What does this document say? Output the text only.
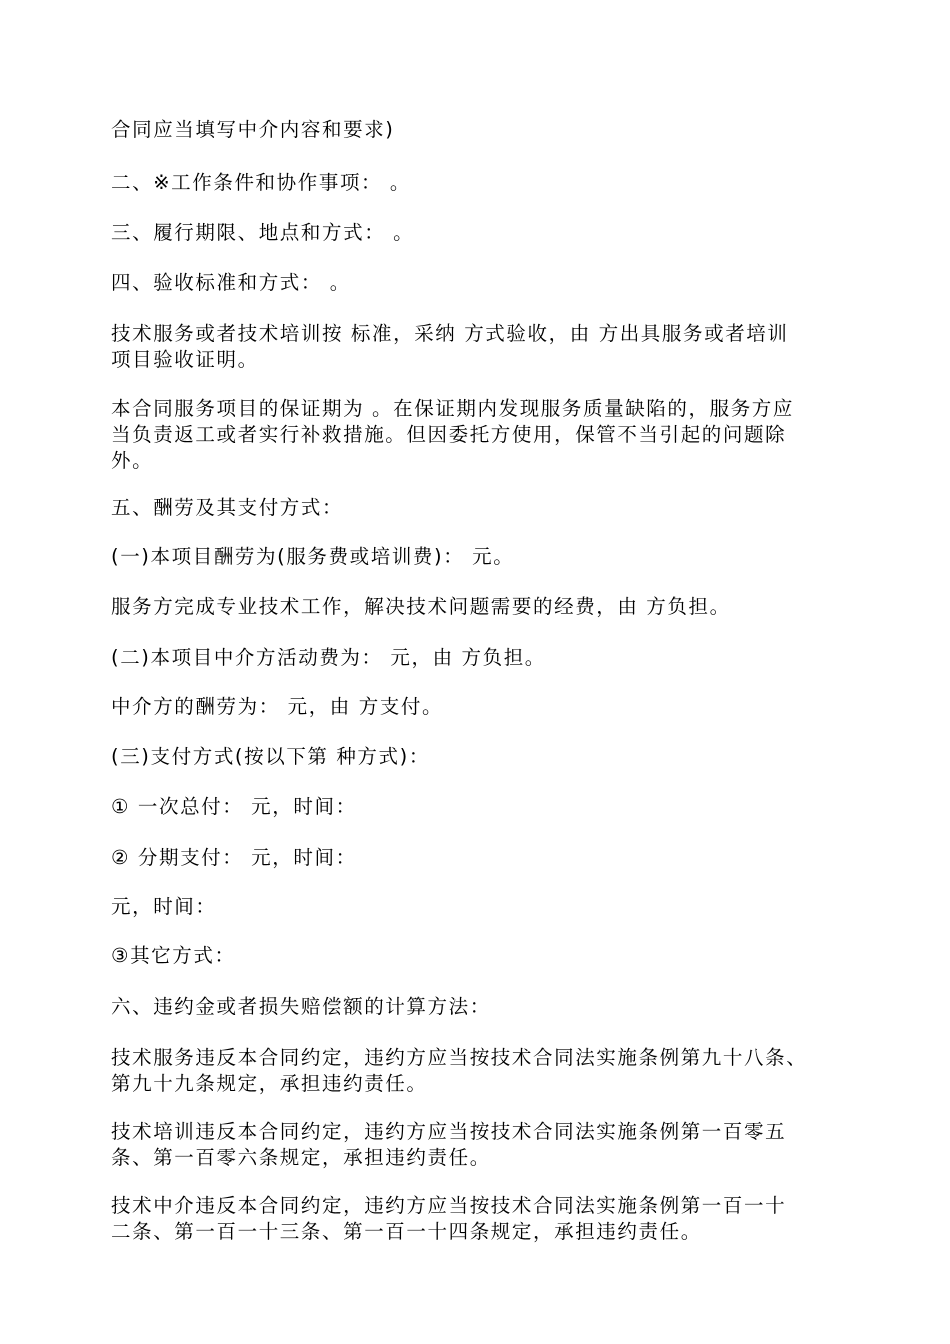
合同应当填写中介内容和要求)

二、※工作条件和协作事项： 。

三、履行期限、地点和方式： 。

四、验收标准和方式： 。

技术服务或者技术培训按 标准，采纳 方式验收，由 方出具服务或者培训
项目验收证明。

本合同服务项目的保证期为 。在保证期内发现服务质量缺陷的，服务方应
当负责返工或者实行补救措施。但因委托方使用，保管不当引起的问题除
外。

五、酬劳及其支付方式：

(一)本项目酬劳为(服务费或培训费)： 元。

服务方完成专业技术工作，解决技术问题需要的经费，由 方负担。

(二)本项目中介方活动费为： 元，由 方负担。

中介方的酬劳为： 元，由 方支付。

(三)支付方式(按以下第 种方式)：

① 一次总付： 元，时间：

② 分期支付： 元，时间：

元，时间：

③其它方式：

六、违约金或者损失赔偿额的计算方法：

技术服务违反本合同约定，违约方应当按技术合同法实施条例第九十八条、
第九十九条规定，承担违约责任。

技术培训违反本合同约定，违约方应当按技术合同法实施条例第一百零五
条、第一百零六条规定，承担违约责任。

技术中介违反本合同约定，违约方应当按技术合同法实施条例第一百一十
二条、第一百一十三条、第一百一十四条规定，承担违约责任。
